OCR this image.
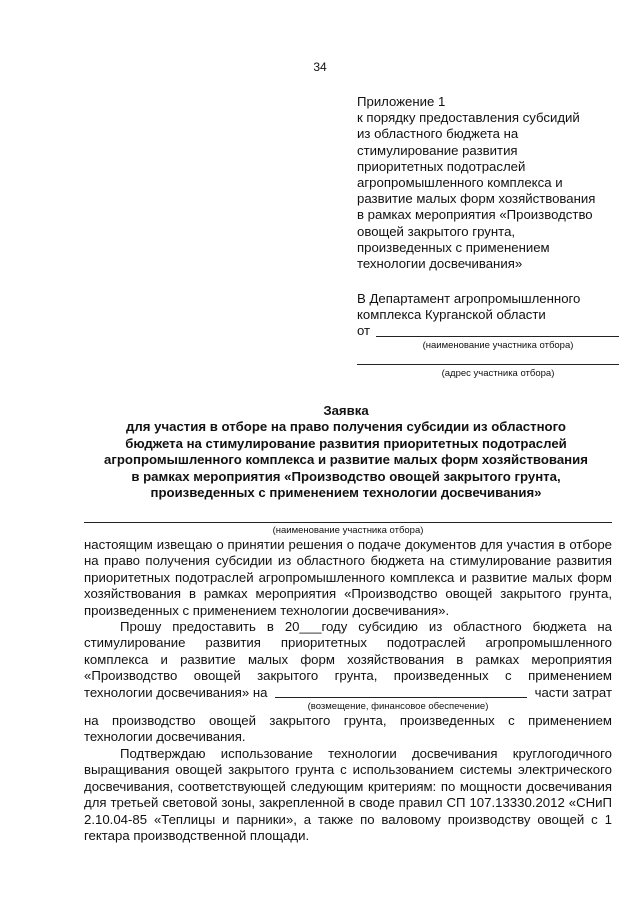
34
Приложение 1
к порядку предоставления субсидий
из областного бюджета на
стимулирование развития
приоритетных подотраслей
агропромышленного комплекса и
развитие малых форм хозяйствования
в рамках мероприятия «Производство
овощей закрытого грунта,
произведенных с применением
технологии досвечивания»
В Департамент агропромышленного
комплекса Курганской области
от
(наименование участника отбора)
(адрес участника отбора)
Заявка
для участия в отборе на право получения субсидии из областного
бюджета на стимулирование развития приоритетных подотраслей
агропромышленного комплекса и развитие малых форм хозяйствования
в рамках мероприятия «Производство овощей закрытого грунта,
произведенных с применением технологии досвечивания»
(наименование участника отбора)

настоящим извещаю о принятии решения о подаче документов для участия в отборе на право получения субсидии из областного бюджета на стимулирование развития приоритетных подотраслей агропромышленного комплекса и развитие малых форм хозяйствования в рамках мероприятия «Производство овощей закрытого грунта, произведенных с применением технологии досвечивания».

Прошу предоставить в 20___году субсидию из областного бюджета на стимулирование развития приоритетных подотраслей агропромышленного комплекса и развитие малых форм хозяйствования в рамках мероприятия «Производство овощей закрытого грунта, произведенных с применением

технологии досвечивания» на	части затрат
(возмещение, финансовое обеспечение)

на производство овощей закрытого грунта, произведенных с применением технологии досвечивания.

Подтверждаю использование технологии досвечивания круглогодичного выращивания овощей закрытого грунта с использованием системы электрического досвечивания, соответствующей следующим критериям: по мощности досвечивания для третьей световой зоны, закрепленной в своде правил СП 107.13330.2012 «СНиП 2.10.04-85 «Теплицы и парники», а также по валовому производству овощей с 1 гектара производственной площади.
